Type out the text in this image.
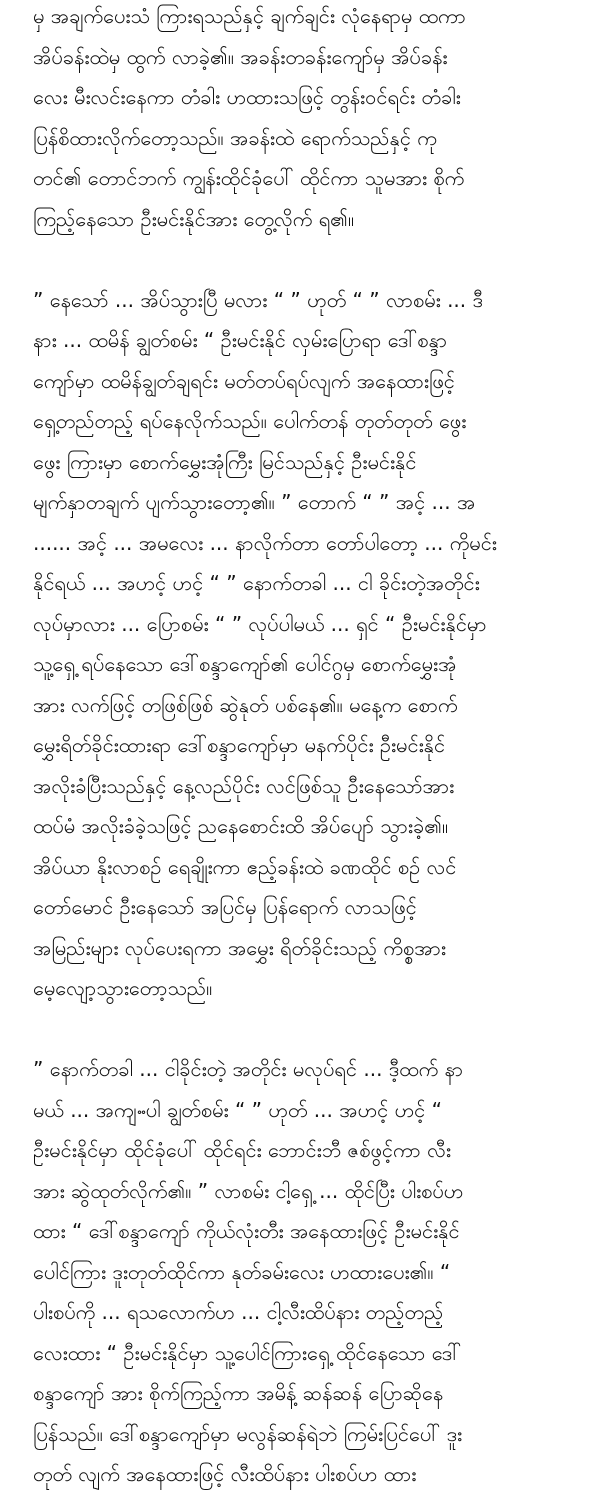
မှ အချက်ပေးသံ ကြားရသည်နှင့် ချက်ချင်း လုံနေရာမှ ထကာ
အိပ်ခန်းထဲမှ ထွက် လာခဲ့၏။ အခန်းတခန်းကျော်မှ အိပ်ခန်း
လေး မီးလင်းနေကာ တံခါး ဟထားသဖြင့် တွန်းဝင်ရင်း တံခါး
ပြန်စိထားလိုက်တော့သည်။ အခန်းထဲ ရောက်သည်နှင့် ကု
တင်၏ တောင်ဘက် ကျွန်းထိုင်ခုံပေါ် ထိုင်ကာ သူမအား စိုက်
ကြည့်နေသော ဦးမင်းနိုင်အား တွေ့လိုက် ရ၏။
” နေသော် ... အိပ်သွားပြီ မလား “ ” ဟုတ် “ ” လာစမ်း ... ဒီ
နား ... ထမိန် ချွတ်စမ်း “ ဦးမင်းနိုင် လှမ်းပြောရာ ဒေါ်စန္ဒာ
ကျော်မှာ ထမိန်ချွတ်ချရင်း မတ်တပ်ရပ်လျက် အနေထားဖြင့်
ရှေ့တည်တည့် ရပ်နေလိုက်သည်။ ပေါက်တန် တုတ်တုတ် ဖွေး
ဖွေး ကြားမှာ စောက်မွှေးအုံကြီး မြင်သည်နှင့် ဦးမင်းနိုင်
မျက်နှာတချက် ပျက်သွားတော့၏။ ” တောက် “ ” အင့် ... အ
...... အင့် ... အမလေး ... နာလိုက်တာ တော်ပါတော့ ... ကိုမင်း
နိုင်ရယ် ... အဟင့် ဟင့် “ ” နောက်တခါ ... ငါ ခိုင်းတဲ့အတိုင်း
လုပ်မှာလား ... ပြောစမ်း “ ” လုပ်ပါမယ် ... ရှင် “ ဦးမင်းနိုင်မှာ
သူ့ရှေ့ ရပ်နေသော ဒေါ်စန္ဒာကျော်၏ ပေါင်ဂွမှ စောက်မွှေးအုံ
အား လက်ဖြင့် တဖြစ်ဖြစ် ဆွဲနုတ် ပစ်နေ၏။ မနေ့က စောက်
မွှေးရိတ်ခိုင်းထားရာ ဒေါ်စန္ဒာကျော်မှာ မနက်ပိုင်း ဦးမင်းနိုင်
အလိုးခံပြီးသည်နှင့် နေ့လည်ပိုင်း လင်ဖြစ်သူ ဦးနေသော်အား
ထပ်မံ အလိုးခံခဲ့သဖြင့် ညနေစောင်းထိ အိပ်ပျော် သွားခဲ့၏။
အိပ်ယာ နိုးလာစဉ် ရေချိုးကာ ဧည့်ခန်းထဲ ခဏထိုင် စဉ် လင်
တော်မောင် ဦးနေသော် အပြင်မှ ပြန်ရောက် လာသဖြင့်
အမြည်းများ လုပ်ပေးရကာ အမွှေး ရိတ်ခိုင်းသည့် ကိစ္စအား
မေ့လျော့သွားတော့သည်။
” နောက်တခါ ... ငါခိုင်းတဲ့ အတိုင်း မလုပ်ရင် ... ဒီ့ထက် နာ
မယ် ... အကျႌပါ ချွတ်စမ်း “ ” ဟုတ် ... အဟင့် ဟင့် “
ဦးမင်းနိုင်မှာ ထိုင်ခုံပေါ် ထိုင်ရင်း ဘောင်းဘီ ဇစ်ဖွင့်ကာ လီး
အား ဆွဲထုတ်လိုက်၏။ ” လာစမ်း ငါ့ရှေ့ ... ထိုင်ပြီး ပါးစပ်ဟ
ထား “ ဒေါ်စန္ဒာကျော် ကိုယ်လုံးတီး အနေထားဖြင့် ဦးမင်းနိုင်
ပေါင်ကြား ဒူးတုတ်ထိုင်ကာ နုတ်ခမ်းလေး ဟထားပေး၏။ “
ပါးစပ်ကို ... ရသလောက်ဟ ... ငါ့လီးထိပ်နား တည့်တည့်
လေးထား “ ဦးမင်းနိုင်မှာ သူ့ပေါင်ကြားရှေ့ ထိုင်နေသော ဒေါ်
စန္ဒာကျော် အား စိုက်ကြည့်ကာ အမိန့် ဆန်ဆန် ပြောဆိုနေ
ပြန်သည်။ ဒေါ်စန္ဒာကျော်မှာ မလွန်ဆန်ရဲဘဲ ကြမ်းပြင်ပေါ် ဒူး
တုတ် လျက် အနေထားဖြင့် လီးထိပ်နား ပါးစပ်ဟ ထား
